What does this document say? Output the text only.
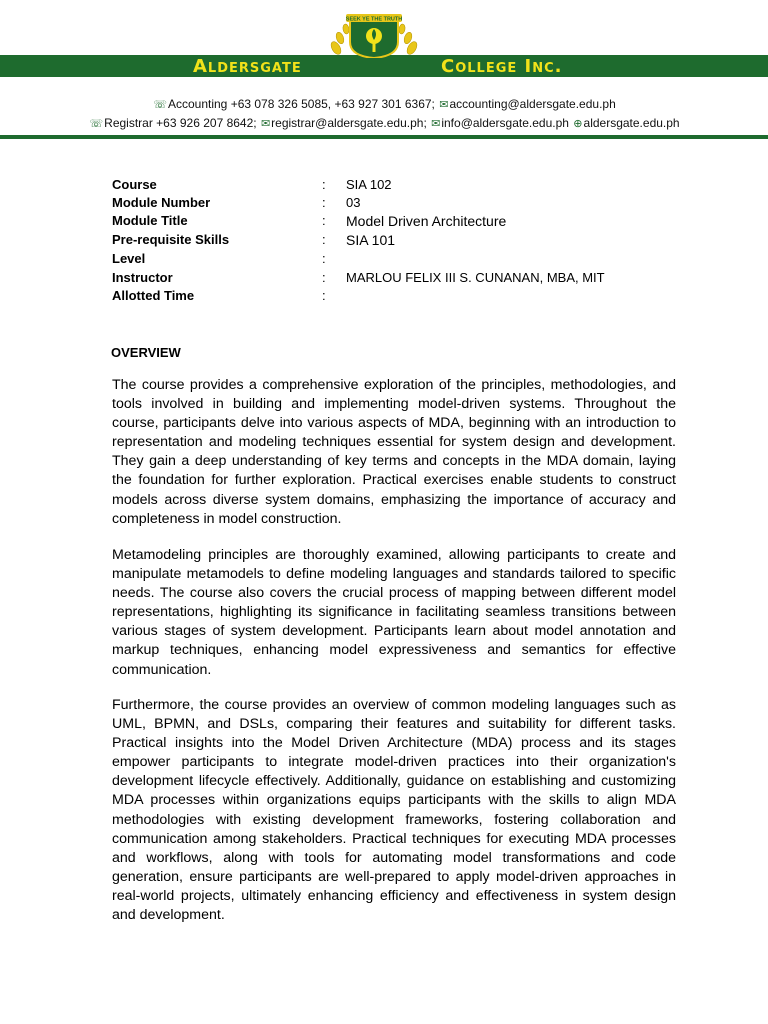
SEEK YE THE TRUTH
Aldersgate	College Inc.
☏Accounting +63 078 326 5085, +63 927 301 6367; ✉accounting@aldersgate.edu.ph
☏Registrar +63 926 207 8642; ✉registrar@aldersgate.edu.ph; ✉info@aldersgate.edu.ph ⊕aldersgate.edu.ph
Course	: SIA 102
Module Number	: 03
Module Title	: Model Driven Architecture
Pre-requisite Skills	: SIA 101
Level	:
Instructor	: MARLOU FELIX III S. CUNANAN, MBA, MIT
Allotted Time	:
OVERVIEW

The course provides a comprehensive exploration of the principles, methodologies, and tools involved in building and implementing model-driven systems. Throughout the course, participants delve into various aspects of MDA, beginning with an introduction to representation and modeling techniques essential for system design and development. They gain a deep understanding of key terms and concepts in the MDA domain, laying the foundation for further exploration. Practical exercises enable students to construct models across diverse system domains, emphasizing the importance of accuracy and completeness in model construction.

Metamodeling principles are thoroughly examined, allowing participants to create and manipulate metamodels to define modeling languages and standards tailored to specific needs. The course also covers the crucial process of mapping between different model representations, highlighting its significance in facilitating seamless transitions between various stages of system development. Participants learn about model annotation and markup techniques, enhancing model expressiveness and semantics for effective communication.

Furthermore, the course provides an overview of common modeling languages such as UML, BPMN, and DSLs, comparing their features and suitability for different tasks. Practical insights into the Model Driven Architecture (MDA) process and its stages empower participants to integrate model-driven practices into their organization's development lifecycle effectively. Additionally, guidance on establishing and customizing MDA processes within organizations equips participants with the skills to align MDA methodologies with existing development frameworks, fostering collaboration and communication among stakeholders. Practical techniques for executing MDA processes and workflows, along with tools for automating model transformations and code generation, ensure participants are well-prepared to apply model-driven approaches in real-world projects, ultimately enhancing efficiency and effectiveness in system design and development.
